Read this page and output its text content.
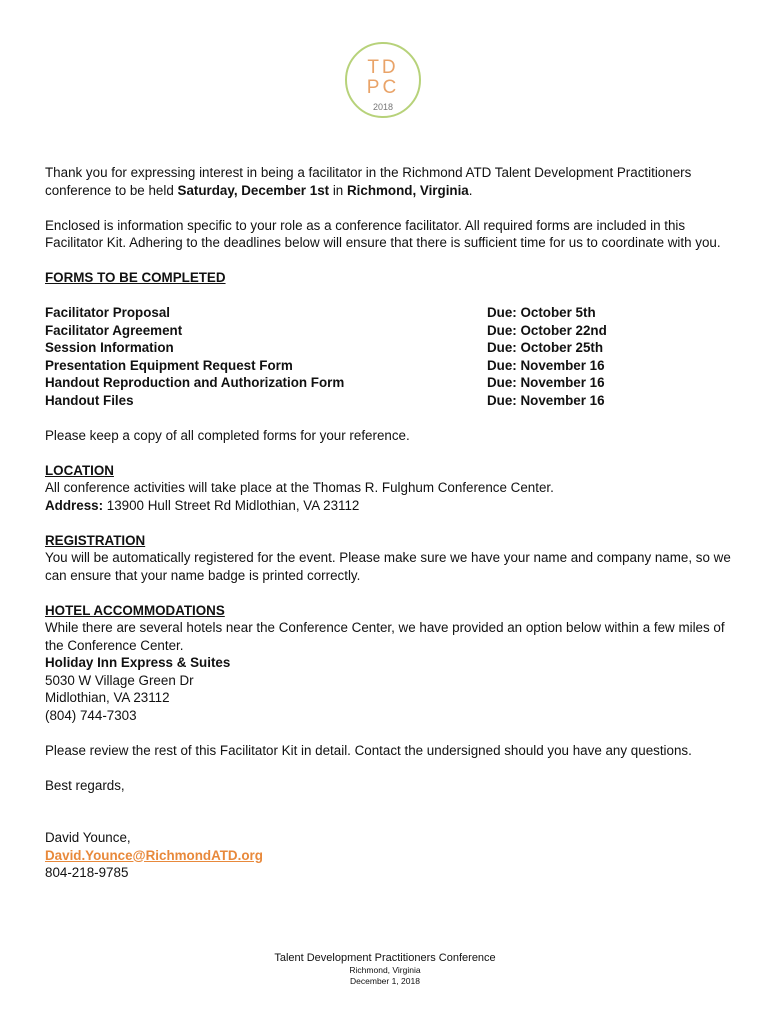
TD
PC
2018

Thank you for expressing interest in being a facilitator in the Richmond ATD Talent Development Practitioners conference to be held Saturday, December 1st in Richmond, Virginia.

Enclosed is information specific to your role as a conference facilitator. All required forms are included in this Facilitator Kit. Adhering to the deadlines below will ensure that there is sufficient time for us to coordinate with you.

FORMS TO BE COMPLETED

Facilitator Proposal	Due: October 5th
Facilitator Agreement	Due: October 22nd
Session Information	Due: October 25th
Presentation Equipment Request Form	Due: November 16
Handout Reproduction and Authorization Form	Due: November 16
Handout Files	Due: November 16

Please keep a copy of all completed forms for your reference.

LOCATION

All conference activities will take place at the Thomas R. Fulghum Conference Center.

Address: 13900 Hull Street Rd Midlothian, VA 23112

REGISTRATION

You will be automatically registered for the event. Please make sure we have your name and company name, so we can ensure that your name badge is printed correctly.

HOTEL ACCOMMODATIONS

While there are several hotels near the Conference Center, we have provided an option below within a few miles of the Conference Center.

Holiday Inn Express & Suites

5030 W Village Green Dr

Midlothian, VA 23112

(804) 744-7303

Please review the rest of this Facilitator Kit in detail. Contact the undersigned should you have any questions.

Best regards,

David Younce,

David.Younce@RichmondATD.org

804-218-9785

Talent Development Practitioners Conference
Richmond, Virginia
December 1, 2018
